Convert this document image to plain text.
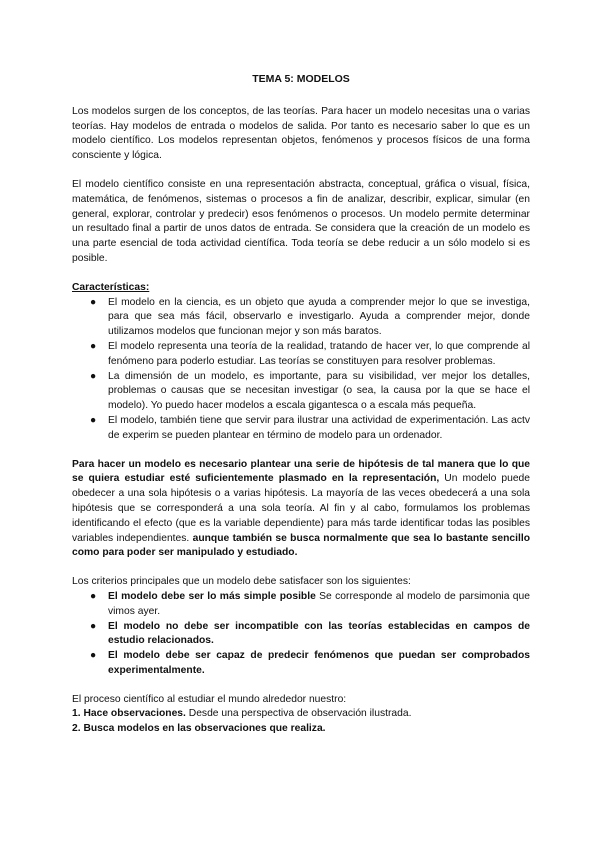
TEMA 5: MODELOS

Los modelos surgen de los conceptos, de las teorías. Para hacer un modelo necesitas una o varias teorías. Hay modelos de entrada o modelos de salida. Por tanto es necesario saber lo que es un modelo científico. Los modelos representan objetos, fenómenos y procesos físicos de una forma consciente y lógica.

El modelo científico consiste en una representación abstracta, conceptual, gráfica o visual, física, matemática, de fenómenos, sistemas o procesos a fin de analizar, describir, explicar, simular (en general, explorar, controlar y predecir) esos fenómenos o procesos. Un modelo permite determinar un resultado final a partir de unos datos de entrada. Se considera que la creación de un modelo es una parte esencial de toda actividad científica. Toda teoría se debe reducir a un sólo modelo si es posible.

Características:

● El modelo en la ciencia, es un objeto que ayuda a comprender mejor lo que se investiga, para que sea más fácil, observarlo e investigarlo. Ayuda a comprender mejor, donde utilizamos modelos que funcionan mejor y son más baratos.
● El modelo representa una teoría de la realidad, tratando de hacer ver, lo que comprende al fenómeno para poderlo estudiar. Las teorías se constituyen para resolver problemas.
● La dimensión de un modelo, es importante, para su visibilidad, ver mejor los detalles, problemas o causas que se necesitan investigar (o sea, la causa por la que se hace el modelo). Yo puedo hacer modelos a escala gigantesca o a escala más pequeña.
● El modelo, también tiene que servir para ilustrar una actividad de experimentación. Las actv de experim se pueden plantear en término de modelo para un ordenador.

Para hacer un modelo es necesario plantear una serie de hipótesis de tal manera que lo que se quiera estudiar esté suficientemente plasmado en la representación, Un modelo puede obedecer a una sola hipótesis o a varias hipótesis. La mayoría de las veces obedecerá a una sola hipótesis que se corresponderá a una sola teoría. Al fin y al cabo, formulamos los problemas identificando el efecto (que es la variable dependiente) para más tarde identificar todas las posibles variables independientes. aunque también se busca normalmente que sea lo bastante sencillo como para poder ser manipulado y estudiado.

Los criterios principales que un modelo debe satisfacer son los siguientes:

● El modelo debe ser lo más simple posible Se corresponde al modelo de parsimonia que vimos ayer.
● El modelo no debe ser incompatible con las teorías establecidas en campos de estudio relacionados.
● El modelo debe ser capaz de predecir fenómenos que puedan ser comprobados experimentalmente.

El proceso científico al estudiar el mundo alrededor nuestro:

1. Hace observaciones. Desde una perspectiva de observación ilustrada.

2. Busca modelos en las observaciones que realiza.
